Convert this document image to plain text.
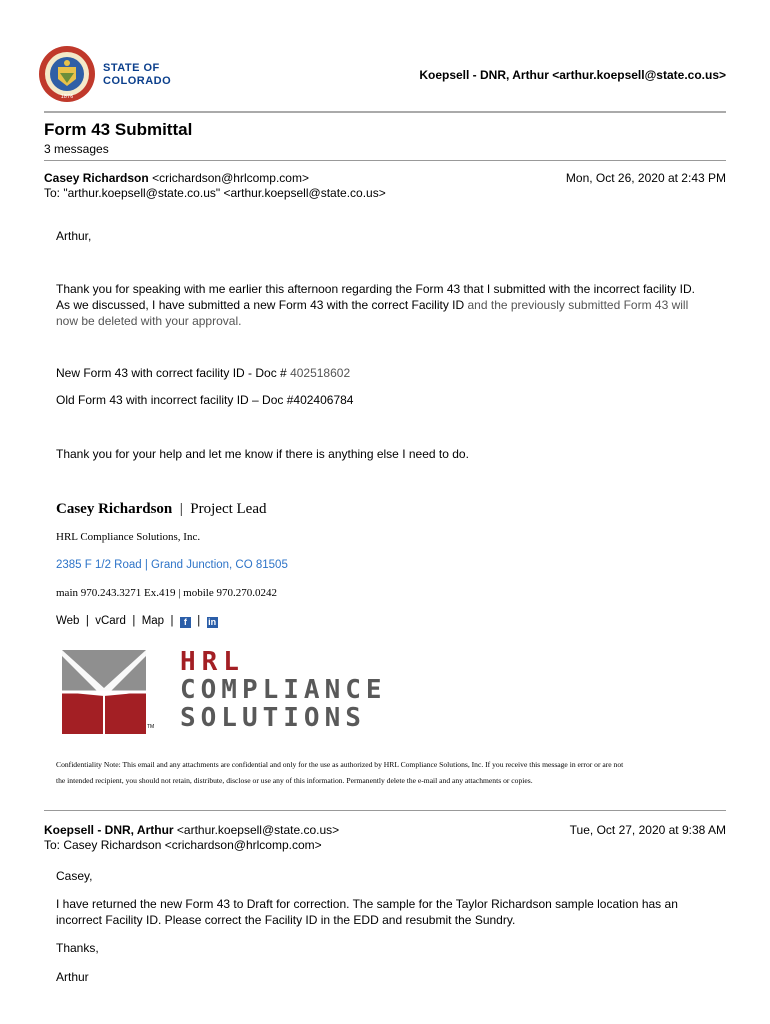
1876
STATE OF
COLORADO	Koepsell - DNR, Arthur <arthur.koepsell@state.co.us>
Form 43 Submittal
3 messages
Casey Richardson <crichardson@hrlcomp.com>
To: "arthur.koepsell@state.co.us" <arthur.koepsell@state.co.us>
Mon, Oct 26, 2020 at 2:43 PM
Arthur,
Thank you for speaking with me earlier this afternoon regarding the Form 43 that I submitted with the incorrect facility ID.
As we discussed, I have submitted a new Form 43 with the correct Facility ID and the previously submitted Form 43 will
now be deleted with your approval.
New Form 43 with correct facility ID - Doc # 402518602
Old Form 43 with incorrect facility ID – Doc #402406784
Thank you for your help and let me know if there is anything else I need to do.
Casey Richardson | Project Lead
HRL Compliance Solutions, Inc.
2385 F 1/2 Road | Grand Junction, CO 81505
main 970.243.3271 Ex.419 | mobile 970.270.0242
Web | vCard | Map | f | in
TM
HRL
COMPLIANCE
SOLUTIONS
Confidentiality Note: This email and any attachments are confidential and only for the use as authorized by HRL Compliance Solutions, Inc. If you receive this message in error or are not
the intended recipient, you should not retain, distribute, disclose or use any of this information. Permanently delete the e-mail and any attachments or copies.
Koepsell - DNR, Arthur <arthur.koepsell@state.co.us>
To: Casey Richardson <crichardson@hrlcomp.com>
Tue, Oct 27, 2020 at 9:38 AM
Casey,
I have returned the new Form 43 to Draft for correction. The sample for the Taylor Richardson sample location has an
incorrect Facility ID. Please correct the Facility ID in the EDD and resubmit the Sundry.
Thanks,
Arthur
